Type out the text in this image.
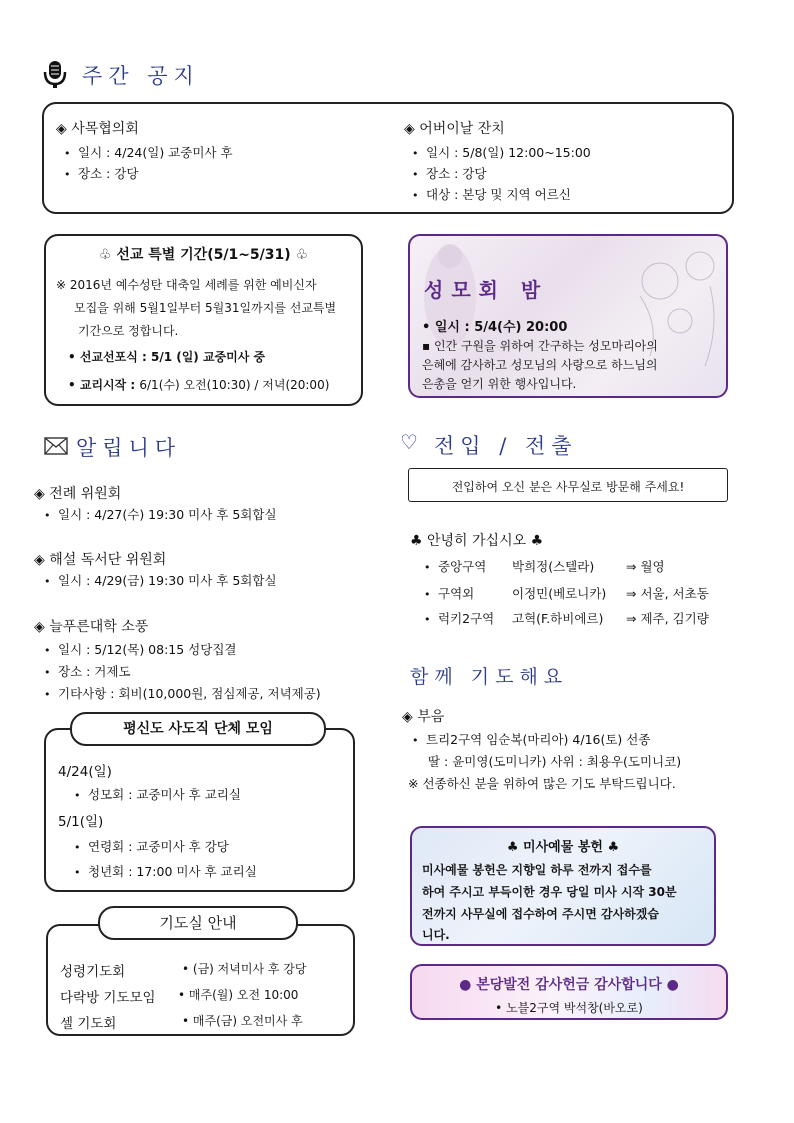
주간 공지
◈ 사목협의회
• 일시 : 4/24(일) 교중미사 후
• 장소 : 강당
◈ 어버이날 잔치
• 일시 : 5/8(일) 12:00~15:00
• 장소 : 강당
• 대상 : 본당 및 지역 어르신
♧ 선교 특별 기간(5/1~5/31) ♧
※ 2016년 예수성탄 대축일 세례를 위한 예비신자
모집을 위해 5월1일부터 5월31일까지를 선교특별
기간으로 정합니다.
• 선교선포식 : 5/1 (일) 교중미사 중
• 교리시작 : 6/1(수) 오전(10:30) / 저녁(20:00)
성모회 밤
• 일시 : 5/4(수) 20:00
▪ 인간 구원을 위하여 간구하는 성모마리아의
은혜에 감사하고 성모님의 사랑으로 하느님의
은총을 얻기 위한 행사입니다.
알립니다
◈ 전례 위원회
• 일시 : 4/27(수) 19:30 미사 후 5회합실
◈ 해설 독서단 위원회
• 일시 : 4/29(금) 19:30 미사 후 5회합실
◈ 늘푸른대학 소풍
• 일시 : 5/12(목) 08:15 성당집결
• 장소 : 거제도
• 기타사항 : 회비(10,000원, 점심제공, 저녁제공)
평신도 사도직 단체 모임
4/24(일)
• 성모회 : 교중미사 후 교리실
5/1(일)
• 연령회 : 교중미사 후 강당
• 청년회 : 17:00 미사 후 교리실
기도실 안내
성령기도회	• (금) 저녁미사 후 강당
다락방 기도모임 • 매주(월) 오전 10:00
셀 기도회	• 매주(금) 오전미사 후
♡ 전입 / 전출
전입하여 오신 분은 사무실로 방문해 주세요!
♣ 안녕히 가십시오 ♣
• 중앙구역 박희정(스텔라)	⇒ 월영
• 구역외	이정민(베로니카) ⇒ 서울, 서초동
• 럭키2구역 고혁(F.하비에르) ⇒ 제주, 김기량
함께 기도해요
◈ 부음
• 트리2구역 임순복(마리아) 4/16(토) 선종
딸 : 윤미영(도미니카) 사위 : 최용우(도미니코)
※ 선종하신 분을 위하여 많은 기도 부탁드립니다.
♣ 미사예물 봉헌 ♣
미사예물 봉헌은 지향일 하루 전까지 접수를
하여 주시고 부득이한 경우 당일 미사 시작 30분
전까지 사무실에 접수하여 주시면 감사하겠습
니다.
● 본당발전 감사헌금 감사합니다 ●
• 노블2구역 박석창(바오로)
